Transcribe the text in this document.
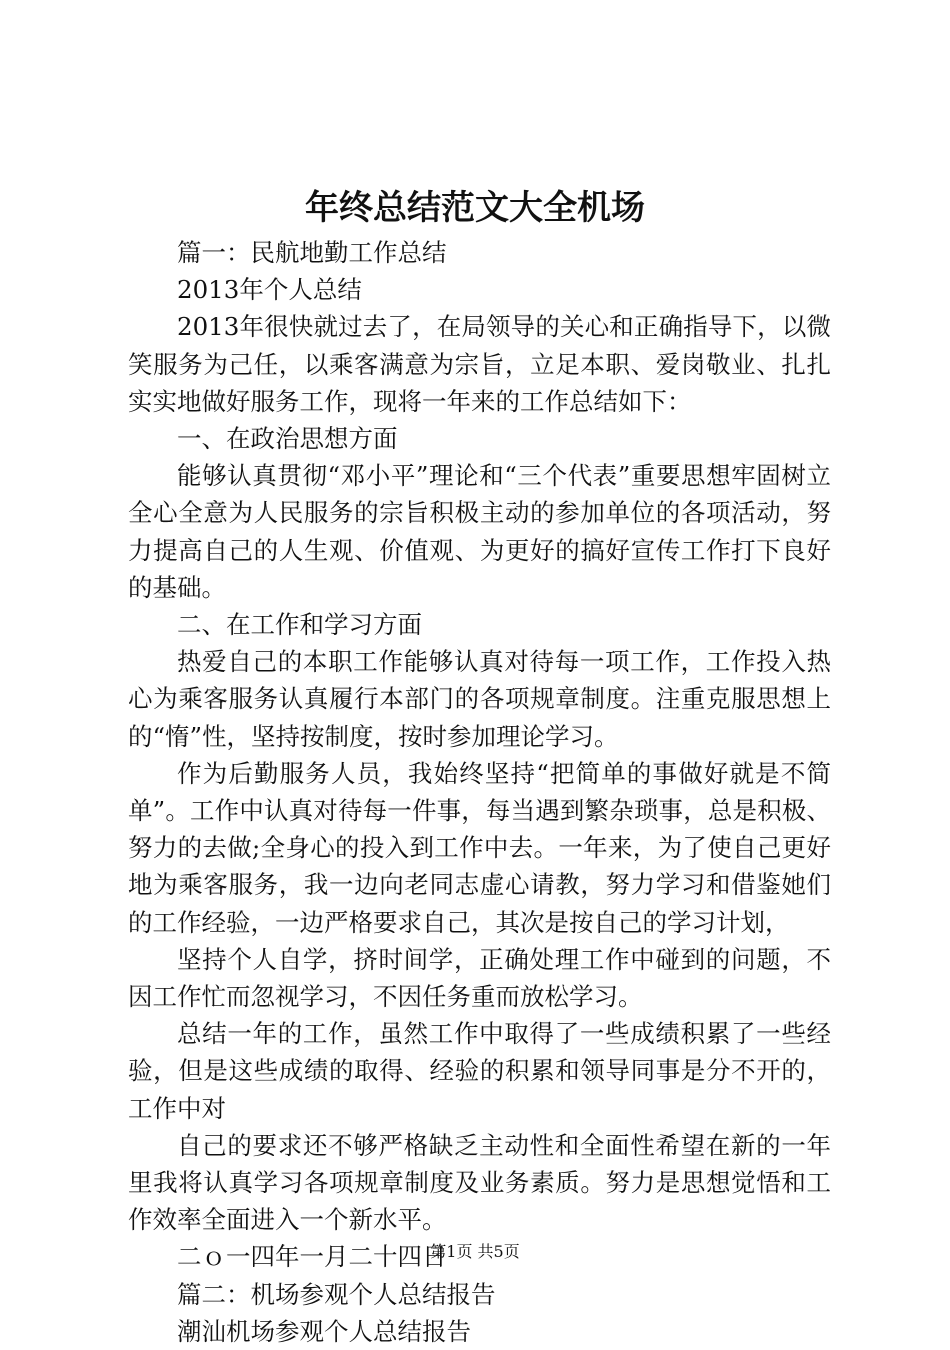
年终总结范文大全机场

篇一：民航地勤工作总结

2013年个人总结

2013年很快就过去了，在局领导的关心和正确指导下，以微笑服务为己任，以乘客满意为宗旨，立足本职、爱岗敬业、扎扎实实地做好服务工作，现将一年来的工作总结如下：

一、在政治思想方面

能够认真贯彻“邓小平”理论和“三个代表”重要思想牢固树立全心全意为人民服务的宗旨积极主动的参加单位的各项活动，努力提高自己的人生观、价值观、为更好的搞好宣传工作打下良好的基础。

二、在工作和学习方面

热爱自己的本职工作能够认真对待每一项工作，工作投入热心为乘客服务认真履行本部门的各项规章制度。注重克服思想上的“惰”性，坚持按制度，按时参加理论学习。

作为后勤服务人员，我始终坚持“把简单的事做好就是不简单”。工作中认真对待每一件事，每当遇到繁杂琐事，总是积极、努力的去做;全身心的投入到工作中去。一年来，为了使自己更好地为乘客服务，我一边向老同志虚心请教，努力学习和借鉴她们的工作经验，一边严格要求自己，其次是按自己的学习计划，

坚持个人自学，挤时间学，正确处理工作中碰到的问题，不因工作忙而忽视学习，不因任务重而放松学习。

总结一年的工作，虽然工作中取得了一些成绩积累了一些经验，但是这些成绩的取得、经验的积累和领导同事是分不开的，工作中对

自己的要求还不够严格缺乏主动性和全面性希望在新的一年里我将认真学习各项规章制度及业务素质。努力是思想觉悟和工作效率全面进入一个新水平。

二ｏ一四年一月二十四日

篇二：机场参观个人总结报告

潮汕机场参观个人总结报告

第1页 共5页
